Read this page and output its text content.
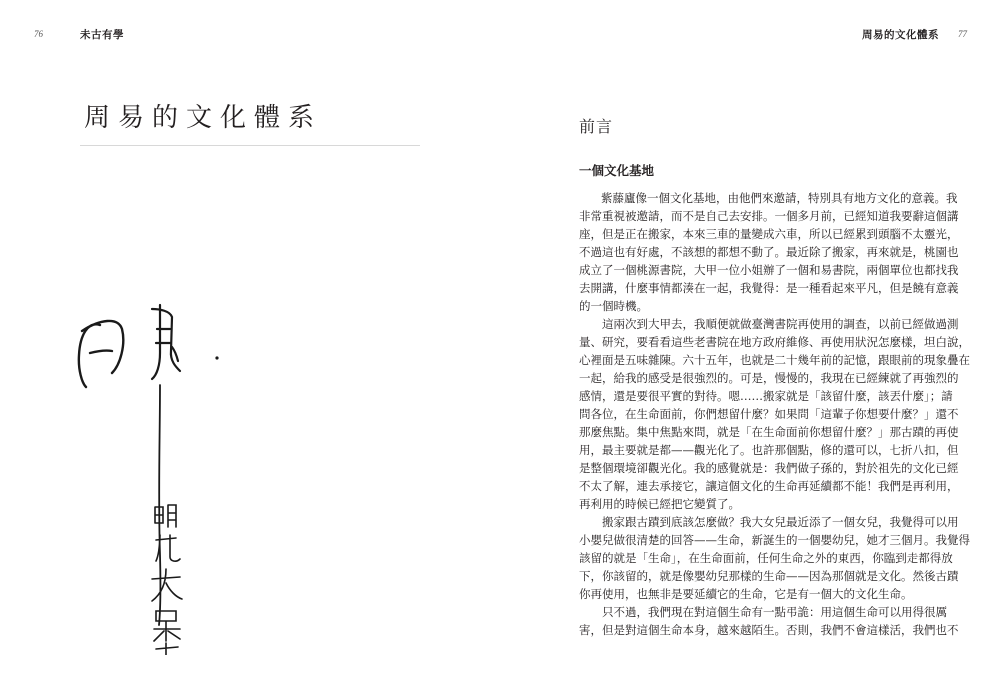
76	未古有學
周易的文化體系
周易的文化體系 77
前言
一個文化基地
紫藤廬像一個文化基地，由他們來邀請，特別具有地方文化的意義。我
非常重視被邀請，而不是自己去安排。一個多月前，已經知道我要辭這個講
座，但是正在搬家，本來三車的量變成六車，所以已經累到頭腦不太靈光，
不過這也有好處，不該想的都想不動了。最近除了搬家，再來就是，桃園也
成立了一個桃源書院，大甲一位小姐辦了一個和易書院，兩個單位也都找我
去開講，什麼事情都湊在一起，我覺得：是一種看起來平凡，但是饒有意義
的一個時機。
　　這兩次到大甲去，我順便就做臺灣書院再使用的調查，以前已經做過測
量、研究，要看看這些老書院在地方政府維修、再使用狀況怎麼樣，坦白說，
心裡面是五味雜陳。六十五年，也就是二十幾年前的記憶，跟眼前的現象疊在
一起，給我的感受是很強烈的。可是，慢慢的，我現在已經練就了再強烈的
感情，還是要很平實的對待。嗯……搬家就是「該留什麼，該丟什麼」；請
問各位，在生命面前，你們想留什麼？如果問「這輩子你想要什麼？」還不
那麼焦點。集中焦點來問，就是「在生命面前你想留什麼？」那古蹟的再使
用，最主要就是都——觀光化了。也許那個點，修的還可以，七折八扣，但
是整個環境卻觀光化。我的感覺就是：我們做子孫的，對於祖先的文化已經
不太了解，連去承接它，讓這個文化的生命再延續都不能！我們是再利用，
再利用的時候已經把它變質了。
　　搬家跟古蹟到底該怎麼做？我大女兒最近添了一個女兒，我覺得可以用
小嬰兒做很清楚的回答——生命，新誕生的一個嬰幼兒，她才三個月。我覺得
該留的就是「生命」，在生命面前，任何生命之外的東西，你臨到走都得放
下，你該留的，就是像嬰幼兒那樣的生命——因為那個就是文化。然後古蹟
你再使用，也無非是要延續它的生命，它是有一個大的文化生命。
　　只不過，我們現在對這個生命有一點弔詭：用這個生命可以用得很厲
害，但是對這個生命本身，越來越陌生。否則，我們不會這樣活，我們也不
